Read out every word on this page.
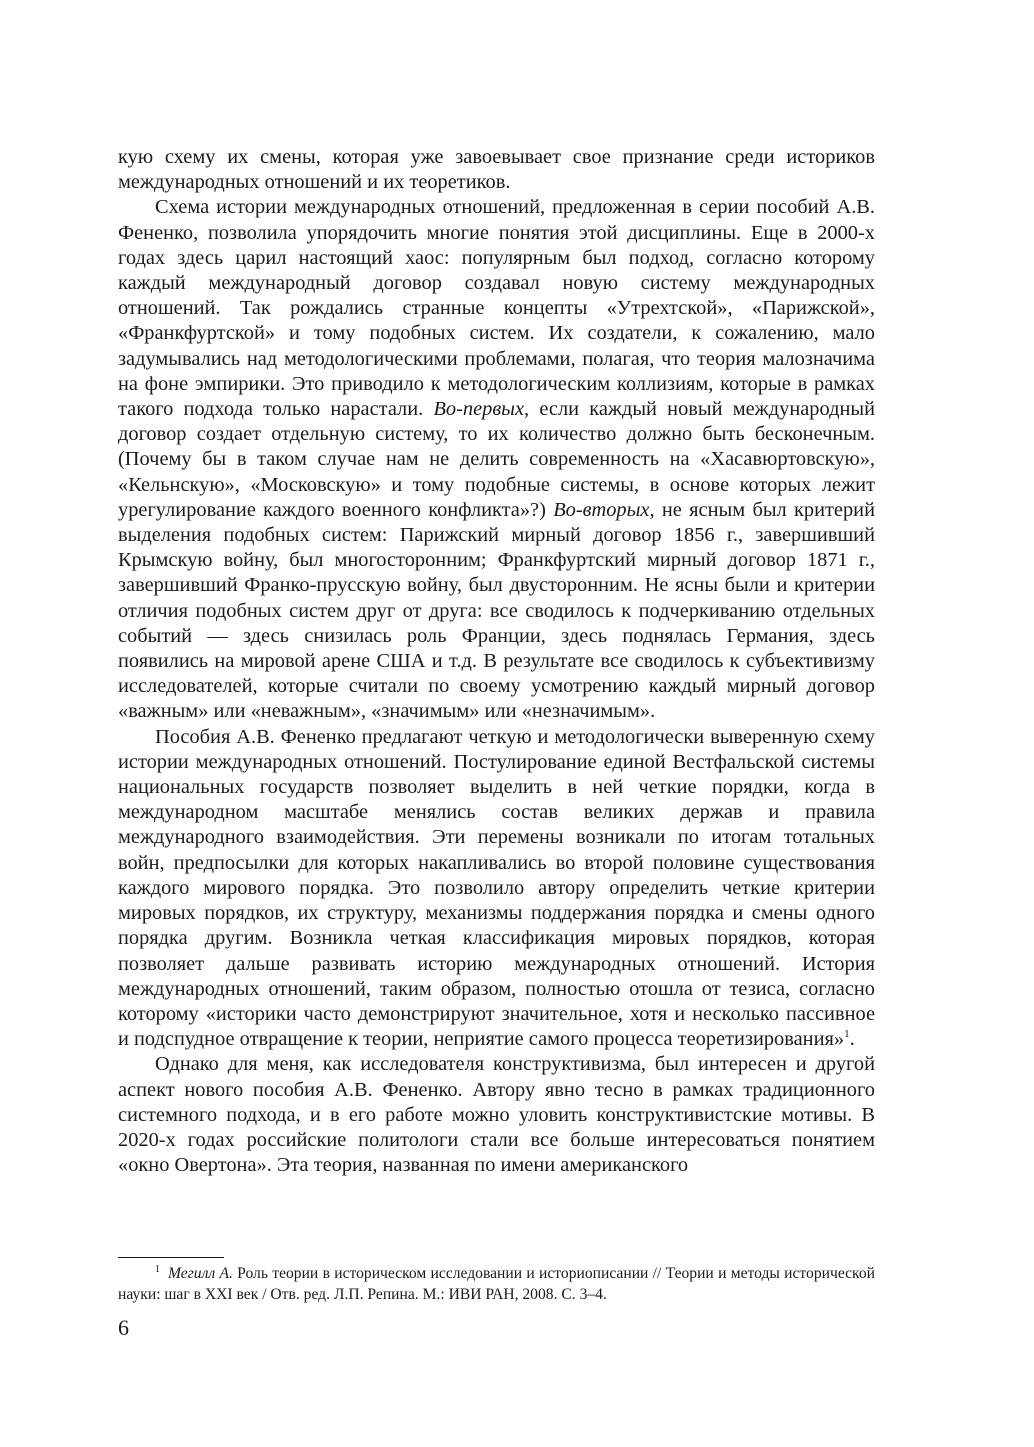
кую схему их смены, которая уже завоевывает свое признание среди историков международных отношений и их теоретиков.

Схема истории международных отношений, предложенная в серии пособий А.В. Фененко, позволила упорядочить многие понятия этой дисциплины. Еще в 2000-х годах здесь царил настоящий хаос: популярным был подход, согласно которому каждый международный договор создавал новую систему международных отношений. Так рождались странные концепты «Утрехтской», «Парижской», «Франкфуртской» и тому подобных систем. Их создатели, к сожалению, мало задумывались над методологическими проблемами, полагая, что теория малозначима на фоне эмпирики. Это приводило к методологическим коллизиям, которые в рамках такого подхода только нарастали. Во-первых, если каждый новый международный договор создает отдельную систему, то их количество должно быть бесконечным. (Почему бы в таком случае нам не делить современность на «Хасавюртовскую», «Кельнскую», «Московскую» и тому подобные системы, в основе которых лежит урегулирование каждого военного конфликта»?) Во-вторых, не ясным был критерий выделения подобных систем: Парижский мирный договор 1856 г., завершивший Крымскую войну, был многосторонним; Франкфуртский мирный договор 1871 г., завершивший Франко-прусскую войну, был двусторонним. Не ясны были и критерии отличия подобных систем друг от друга: все сводилось к подчеркиванию отдельных событий — здесь снизилась роль Франции, здесь поднялась Германия, здесь появились на мировой арене США и т.д. В результате все сводилось к субъективизму исследователей, которые считали по своему усмотрению каждый мирный договор «важным» или «неважным», «значимым» или «незначимым».

Пособия А.В. Фененко предлагают четкую и методологически выверенную схему истории международных отношений. Постулирование единой Вестфальской системы национальных государств позволяет выделить в ней четкие порядки, когда в международном масштабе менялись состав великих держав и правила международного взаимодействия. Эти перемены возникали по итогам тотальных войн, предпосылки для которых накапливались во второй половине существования каждого мирового порядка. Это позволило автору определить четкие критерии мировых порядков, их структуру, механизмы поддержания порядка и смены одного порядка другим. Возникла четкая классификация мировых порядков, которая позволяет дальше развивать историю международных отношений. История международных отношений, таким образом, полностью отошла от тезиса, согласно которому «историки часто демонстрируют значительное, хотя и несколько пассивное и подспудное отвращение к теории, неприятие самого процесса теоретизирования»$^1$.

Однако для меня, как исследователя конструктивизма, был интересен и другой аспект нового пособия А.В. Фененко. Автору явно тесно в рамках традиционного системного подхода, и в его работе можно уловить конструктивистские мотивы. В 2020-х годах российские политологи стали все больше интересоваться понятием «окно Овертона». Эта теория, названная по имени американского

$^1$ Мегилл А. Роль теории в историческом исследовании и историописании // Теории и методы исторической науки: шаг в XXI век / Отв. ред. Л.П. Репина. М.: ИВИ РАН, 2008. С. 3–4.

6
